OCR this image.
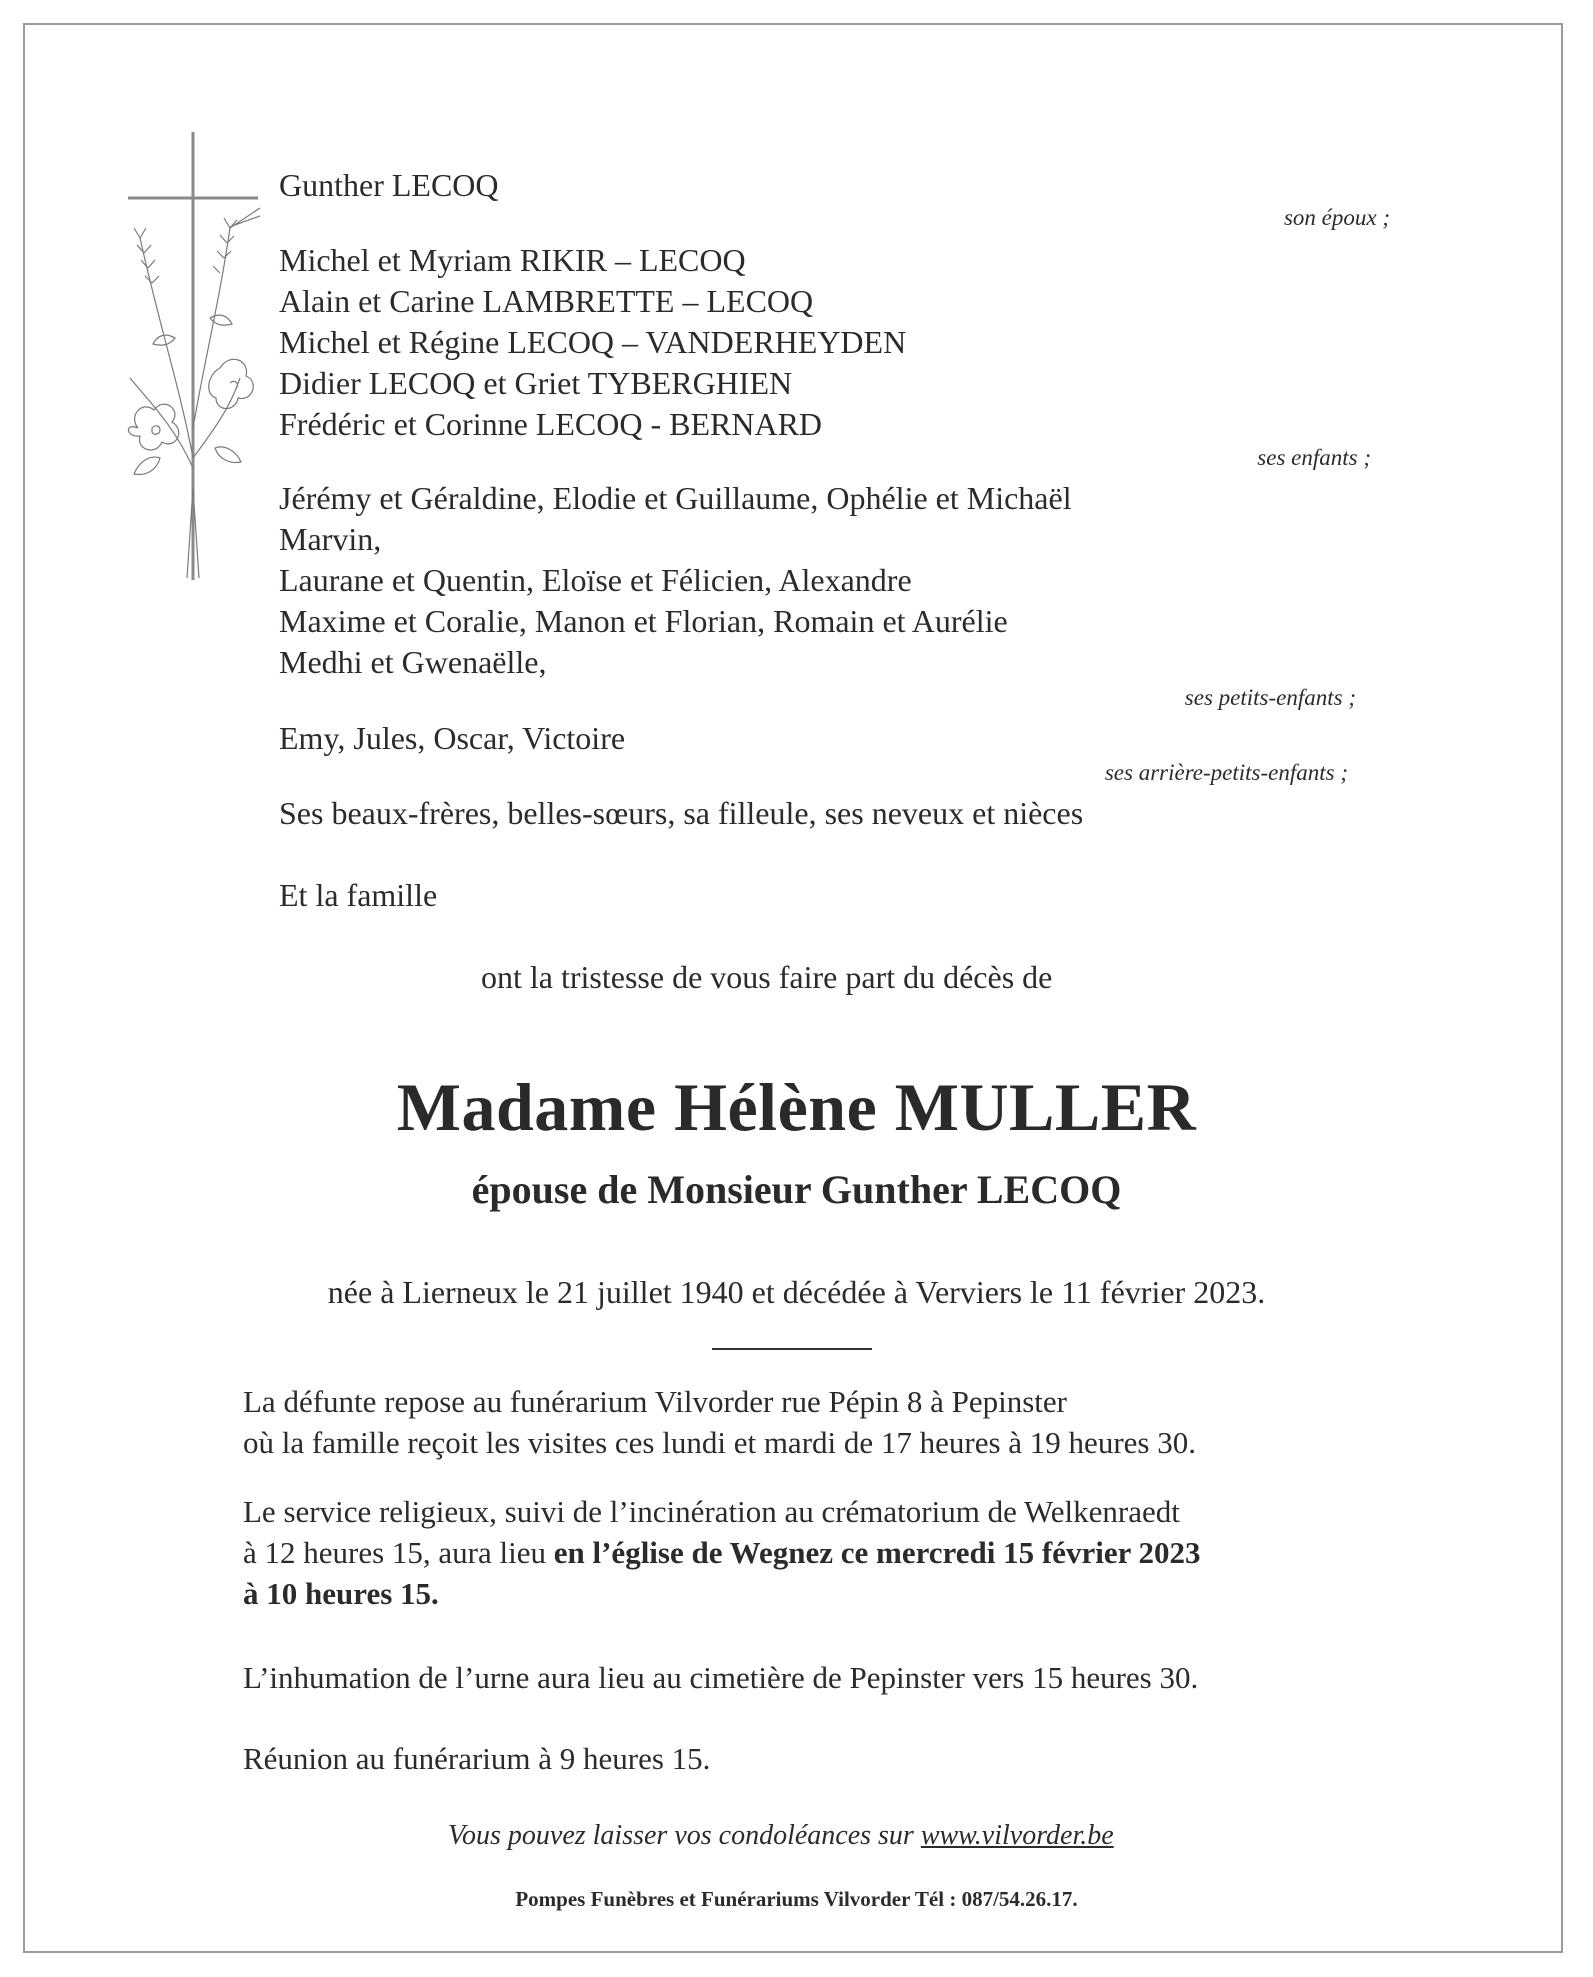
Gunther LECOQ
son époux ;
Michel et Myriam RIKIR – LECOQ
Alain et Carine LAMBRETTE – LECOQ
Michel et Régine LECOQ – VANDERHEYDEN
Didier LECOQ et Griet TYBERGHIEN
Frédéric et Corinne LECOQ - BERNARD
ses enfants ;
Jérémy et Géraldine, Elodie et Guillaume, Ophélie et Michaël
Marvin,
Laurane et Quentin, Eloïse et Félicien, Alexandre
Maxime et Coralie, Manon et Florian, Romain et Aurélie
Medhi et Gwenaëlle,
ses petits-enfants ;
Emy, Jules, Oscar, Victoire
ses arrière-petits-enfants ;
Ses beaux-frères, belles-sœurs, sa filleule, ses neveux et nièces
Et la famille
ont la tristesse de vous faire part du décès de
Madame Hélène MULLER
épouse de Monsieur Gunther LECOQ
née à Lierneux le 21 juillet 1940 et décédée à Verviers le 11 février 2023.
La défunte repose au funérarium Vilvorder rue Pépin 8 à Pepinster
où la famille reçoit les visites ces lundi et mardi de 17 heures à 19 heures 30.
Le service religieux, suivi de l’incinération au crématorium de Welkenraedt
à 12 heures 15, aura lieu en l’église de Wegnez ce mercredi 15 février 2023
à 10 heures 15.
L’inhumation de l’urne aura lieu au cimetière de Pepinster vers 15 heures 30.
Réunion au funérarium à 9 heures 15.
Vous pouvez laisser vos condoléances sur www.vilvorder.be
Pompes Funèbres et Funérariums Vilvorder Tél : 087/54.26.17.
